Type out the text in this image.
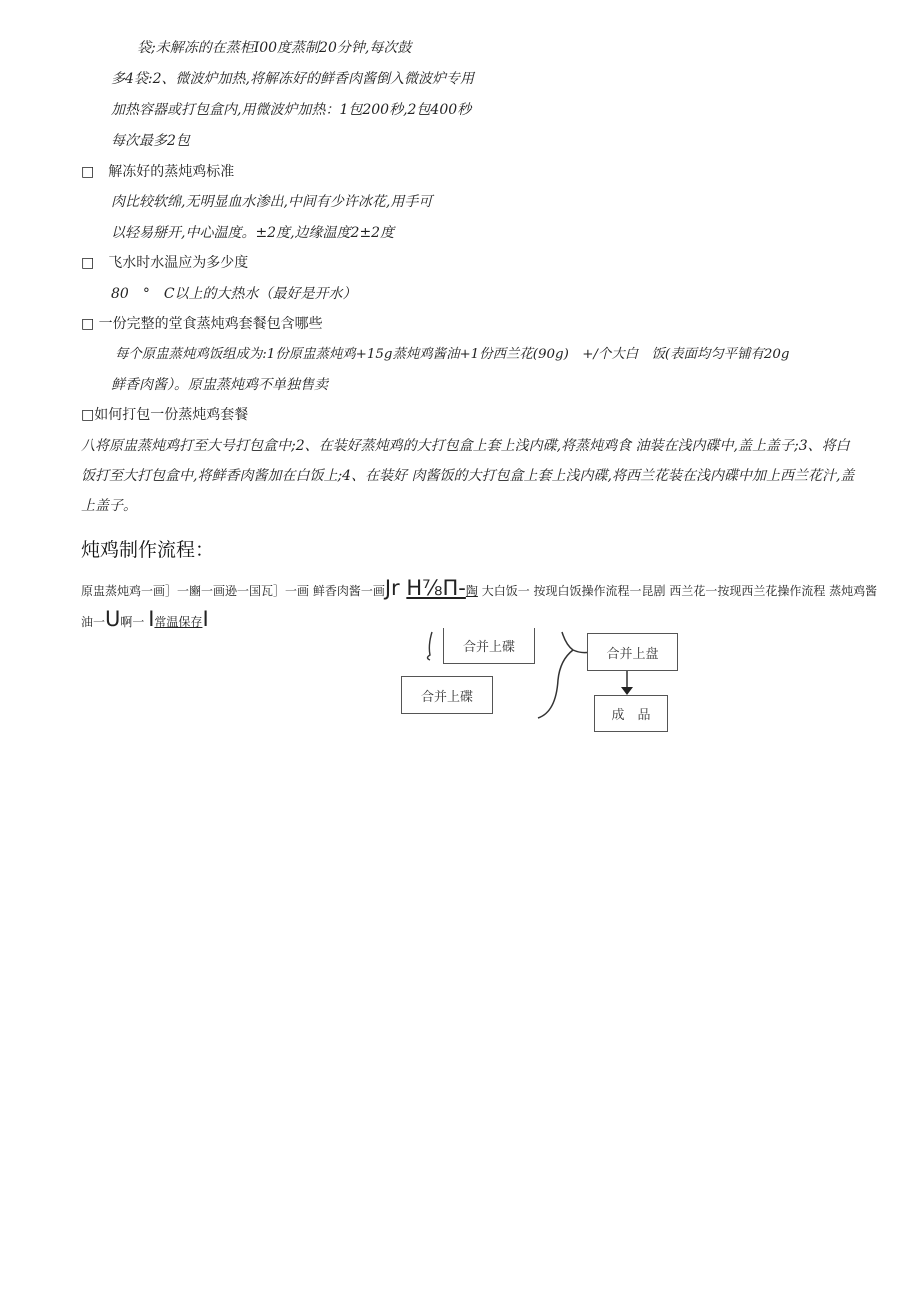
袋;未解冻的在蒸柜I00度蒸制20分钟,每次鼓
多4袋:2、微波炉加热,将解冻好的鲜香肉酱倒入微波炉专用
加热容器或打包盒内,用微波炉加热：1包200秒,2包400秒
每次最多2包
□　解冻好的蒸炖鸡标准
肉比较软绵,无明显血水渗出,中间有少许冰花,用手可
以轻易掰开,中心温度。±2度,边缘温度2±2度
□　飞水时水温应为多少度
80　°　C以上的大热水（最好是开水）
□ 一份完整的堂食蒸炖鸡套餐包含哪些
每个原盅蒸炖鸡饭组成为:1份原盅蒸炖鸡+15g蒸炖鸡酱油+1份西兰花(90g)　+/个大白　饭(表面均匀平铺有20g
鲜香肉酱）。原盅蒸炖鸡不单独售卖
□如何打包一份蒸炖鸡套餐
八将原盅蒸炖鸡打至大号打包盒中;2、在装好蒸炖鸡的大打包盒上套上浅内碟,将蒸炖鸡食 油装在浅内碟中,盖上盖子;3、将白饭打至大打包盒中,将鲜香肉酱加在白饭上;4、在装好 肉酱饭的大打包盒上套上浅内碟,将西兰花装在浅内碟中加上西兰花汁,盖上盖子。
炖鸡制作流程：
原盅蒸炖鸡一画］一豳一画逊一国瓦］一画 鲜香肉酱一画Jr H⅞Π-陶 大白饭一 按现白饭操作流程一昆剧 西兰花一按现西兰花操作流程 蒸炖鸡酱油一U啊一 I常温保存I
合并上碟
合并上碟
合并上盘
成　品
